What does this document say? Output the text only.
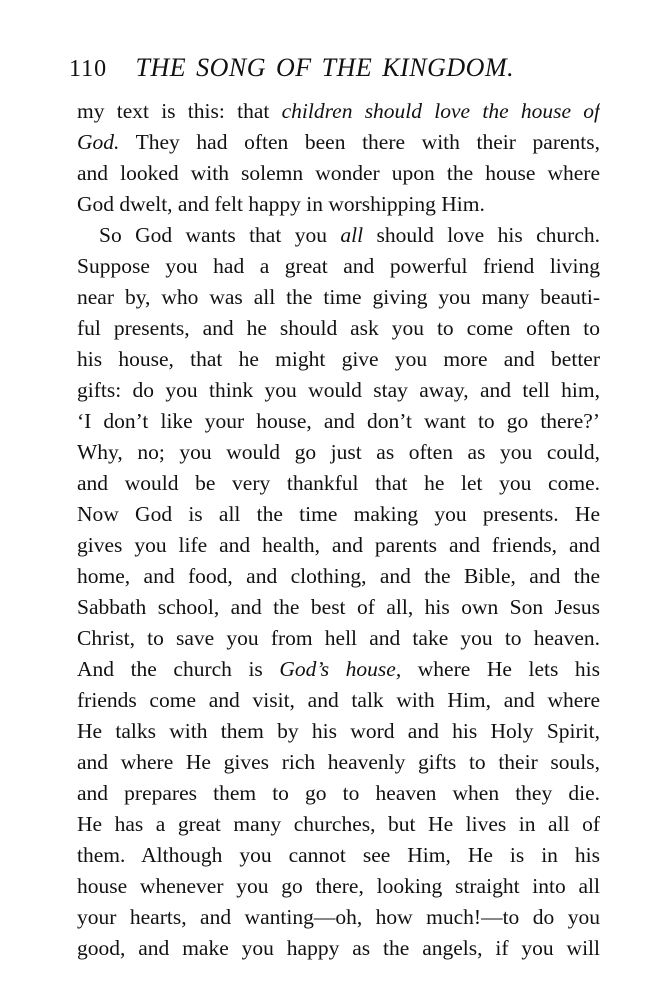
110 THE SONG OF THE KINGDOM.
my text is this: that children should love the house of
God. They had often been there with their parents,
and looked with solemn wonder upon the house where
God dwelt, and felt happy in worshipping Him.
So God wants that you all should love his church.
Suppose you had a great and powerful friend living
near by, who was all the time giving you many beauti-
ful presents, and he should ask you to come often to
his house, that he might give you more and better
gifts: do you think you would stay away, and tell him,
‘I don’t like your house, and don’t want to go there?’
Why, no; you would go just as often as you could,
and would be very thankful that he let you come.
Now God is all the time making you presents. He
gives you life and health, and parents and friends, and
home, and food, and clothing, and the Bible, and the
Sabbath school, and the best of all, his own Son Jesus
Christ, to save you from hell and take you to heaven.
And the church is God’s house, where He lets his
friends come and visit, and talk with Him, and where
He talks with them by his word and his Holy Spirit,
and where He gives rich heavenly gifts to their souls,
and prepares them to go to heaven when they die.
He has a great many churches, but He lives in all of
them. Although you cannot see Him, He is in his
house whenever you go there, looking straight into all
your hearts, and wanting—oh, how much!—to do you
good, and make you happy as the angels, if you will
